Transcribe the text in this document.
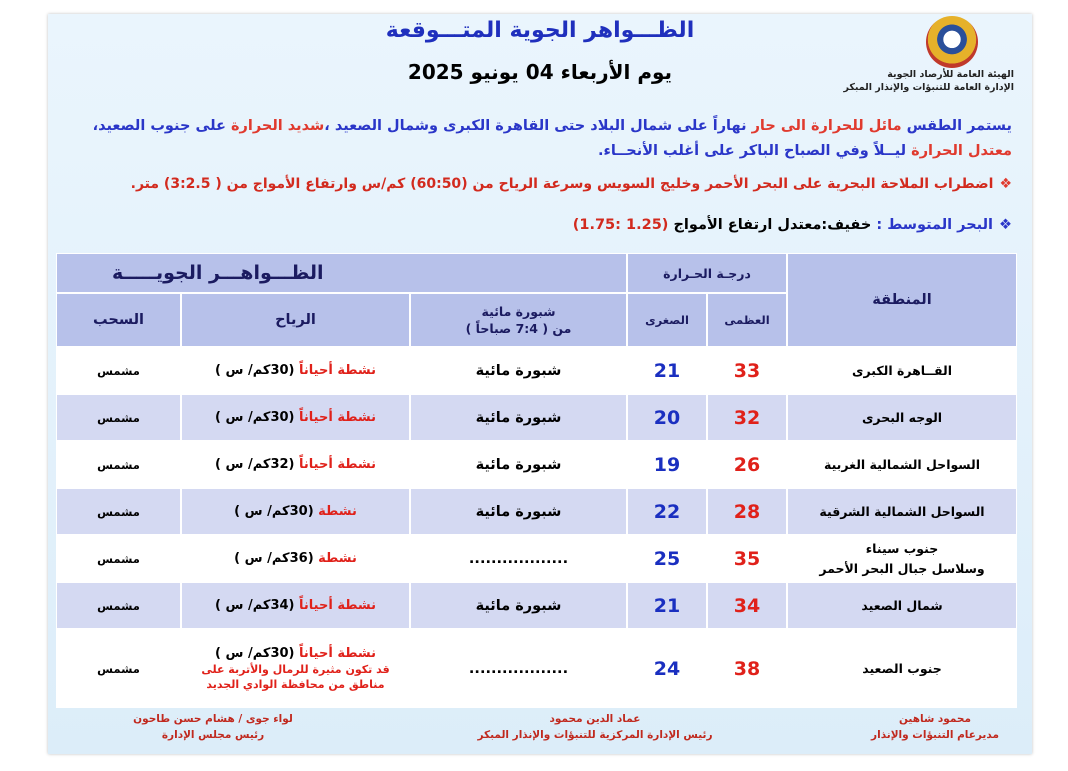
الهيئة العامة للأرصاد الجوية
الإدارة العامة للتنبؤات والإنذار المبكر
الظـــواهر الجوية المتـــوقعة
يوم الأربعاء 04 يونيو 2025
يستمر الطقس مائل للحرارة الى حار نهاراً على شمال البلاد حتى القاهرة الكبرى وشمال الصعيد ،شديد الحرارة على جنوب الصعيد،
معتدل الحرارة ليــلاً وفي الصباح الباكر على أغلب الأنحــاء.
❖اضطراب الملاحة البحرية على البحر الأحمر وخليج السويس وسرعة الرياح من (60:50) كم/س وارتفاع الأمواج من ( 3:2.5) متر.
❖البحر المتوسط : خفيف:معتدل ارتفاع الأمواج (1.25 :1.75)
المنطقة
درجـة الحـرارة
العظمى
الصغرى
الظـــواهـــر الجويـــــة
شبورة مائية
من ( 7:4 صباحاً )
الرياح
السحب
القــاهرة الكبرى
33
21
شبورة مائية
نشطة أحياناً (30كم/ س )
مشمس
الوجه البحرى
32
20
شبورة مائية
نشطة أحياناً (30كم/ س )
مشمس
السواحل الشمالية الغربية
26
19
شبورة مائية
نشطة أحياناً (32كم/ س )
مشمس
السواحل الشمالية الشرقية
28
22
شبورة مائية
نشطة (30كم/ س )
مشمس
جنوب سيناء
وسلاسل جبال البحر الأحمر
35
25
..................
نشطة (36كم/ س )
مشمس
شمال الصعيد
34
21
شبورة مائية
نشطة أحياناً (34كم/ س )
مشمس
جنوب الصعيد
38
24
..................
نشطة أحياناً (30كم/ س )
قد تكون مثيرة للرمال والأتربة على مناطق من محافظة الوادي الجديد
مشمس
لواء جوى / هشام حسن طاحون
رئيس مجلس الإدارة
عماد الدين محمود
رئيس الإدارة المركزية للتنبؤات والإنذار المبكر
محمود شاهين
مديرعام التنبؤات والإنذار
